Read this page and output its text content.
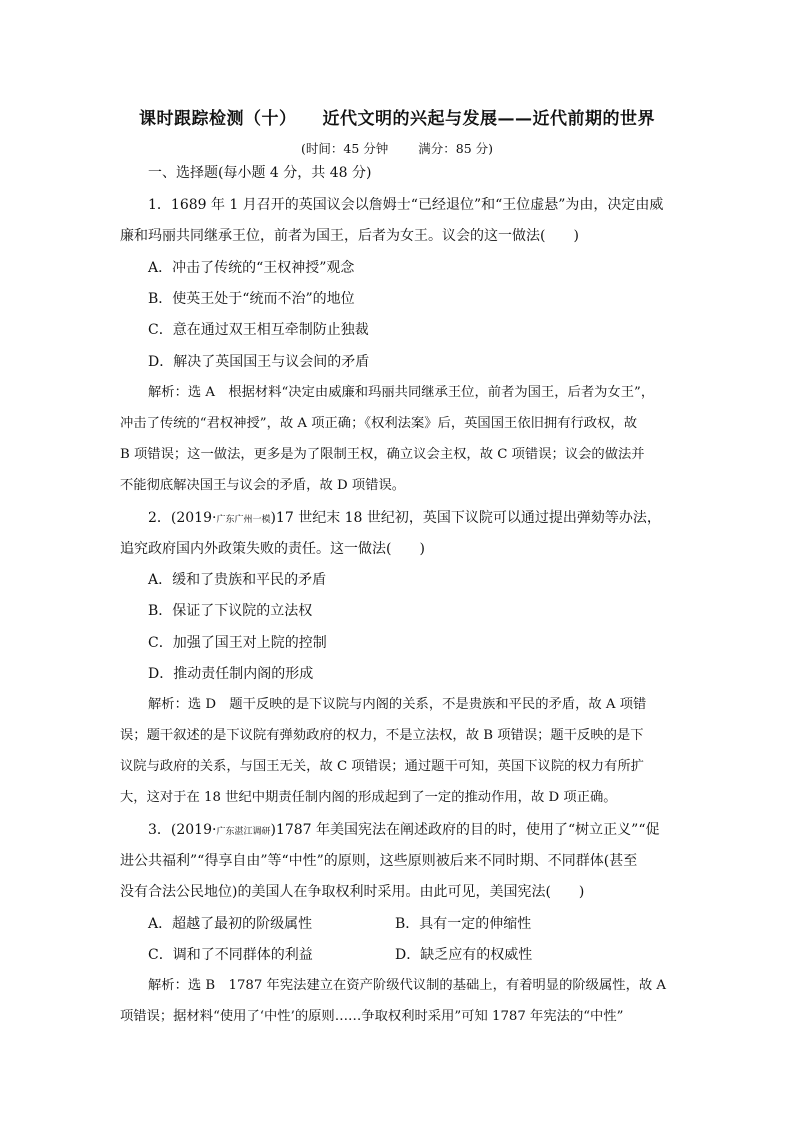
课时跟踪检测（十） 近代文明的兴起与发展——近代前期的世界
(时间：45 分钟 满分：85 分)
一、选择题(每小题 4 分，共 48 分)
1．1689 年 1 月召开的英国议会以詹姆士“已经退位”和“王位虚悬”为由，决定由威
廉和玛丽共同继承王位，前者为国王，后者为女王。议会的这一做法(　　)
A．冲击了传统的“王权神授”观念
B．使英王处于“统而不治”的地位
C．意在通过双王相互牵制防止独裁
D．解决了英国国王与议会间的矛盾
解析：选 A　根据材料“决定由威廉和玛丽共同继承王位，前者为国王，后者为女王”，
冲击了传统的“君权神授”，故 A 项正确；《权利法案》后，英国国王依旧拥有行政权，故
B 项错误；这一做法，更多是为了限制王权，确立议会主权，故 C 项错误；议会的做法并
不能彻底解决国王与议会的矛盾，故 D 项错误。
2．(2019·广东广州一模)17 世纪末 18 世纪初，英国下议院可以通过提出弹劾等办法，
追究政府国内外政策失败的责任。这一做法(　　)
A．缓和了贵族和平民的矛盾
B．保证了下议院的立法权
C．加强了国王对上院的控制
D．推动责任制内阁的形成
解析：选 D　题干反映的是下议院与内阁的关系，不是贵族和平民的矛盾，故 A 项错
误；题干叙述的是下议院有弹劾政府的权力，不是立法权，故 B 项错误；题干反映的是下
议院与政府的关系，与国王无关，故 C 项错误；通过题干可知，英国下议院的权力有所扩
大，这对于在 18 世纪中期责任制内阁的形成起到了一定的推动作用，故 D 项正确。
3．(2019·广东湛江调研)1787 年美国宪法在阐述政府的目的时，使用了“树立正义”“促
进公共福利”“得享自由”等“中性”的原则，这些原则被后来不同时期、不同群体(甚至
没有合法公民地位)的美国人在争取权利时采用。由此可见，美国宪法(　　)
A．超越了最初的阶级属性	B．具有一定的伸缩性
C．调和了不同群体的利益	D．缺乏应有的权威性
解析：选 B　1787 年宪法建立在资产阶级代议制的基础上，有着明显的阶级属性，故 A
项错误；据材料“使用了‘中性’的原则……争取权利时采用”可知 1787 年宪法的“中性”
